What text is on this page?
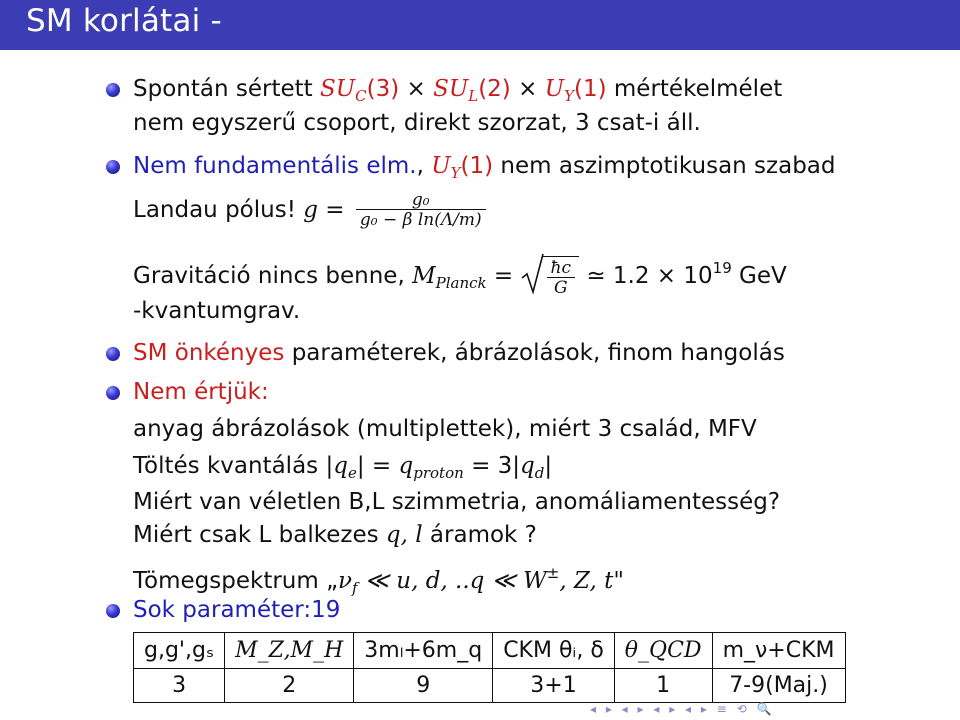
SM korlátai -
Spontán sértett $SU_C(3) \times SU_L(2) \times U_Y(1)$ mértékelmélet
nem egyszerű csoport, direkt szorzat, 3 csat-i áll.
Nem fundamentális elm., $U_Y(1)$ nem aszimptotikusan szabad
Landau pólus! $g = \frac{\text{g₀}}{\text{g₀ − β ln(Λ/m)}}$
Gravitáció nincs benne, $M_{Planck} = \frac{ħc}{G}$ ≃ $1.2 \times 10^{19}$ GeV
-kvantumgrav.
SM önkényes paraméterek, ábrázolások, finom hangolás
Nem értjük:
anyag ábrázolások (multiplettek), miért 3 család, MFV
Töltés kvantálás $|q_e| = q_{proton} = 3|q_d|$
Miért van véletlen B,L szimmetria, anomáliamentesség?
Miért csak L balkezes q, l áramok ?
Tömegspektrum $„\nu_f$ ≪ u, d, ..q ≪ W±, Z, t"
Sok paraméter:19
g,g',gₛ	M_Z,M_H	3mₗ+6m_q	CKM θᵢ, δ	θ_QCD	m_ν+CKM
3	2	9	3+1	1	7-9(Maj.)
◂ ▸ ◂ ▸ ◂ ▸ ◂ ▸ ≡ ⟲ 🔍
